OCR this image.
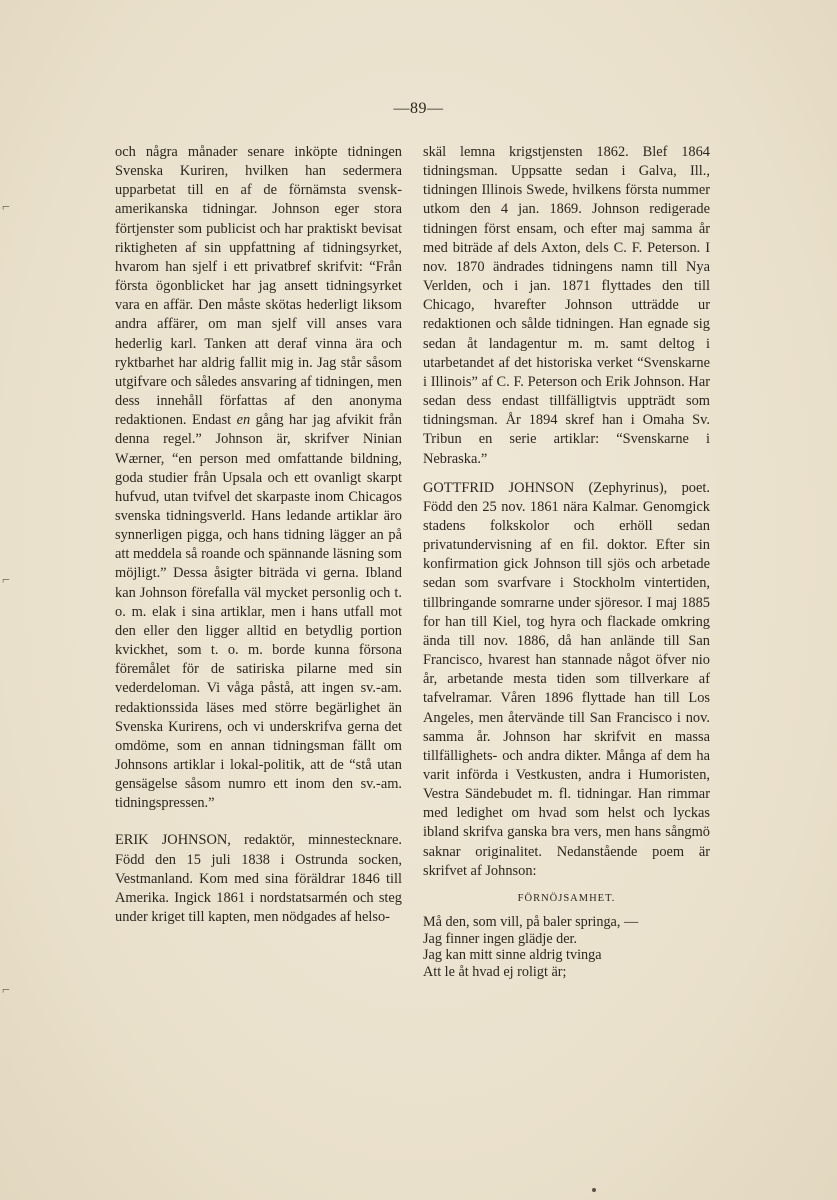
—89—

och några månader senare inköpte tidningen Svenska Kuriren, hvilken han sedermera upparbetat till en af de förnämsta svensk-amerikanska tidningar. Johnson eger stora förtjenster som publicist och har praktiskt bevisat riktigheten af sin uppfattning af tidningsyrket, hvarom han sjelf i ett privatbref skrifvit: “Från första ögonblicket har jag ansett tidningsyrket vara en affär. Den måste skötas hederligt liksom andra affärer, om man sjelf vill anses vara hederlig karl. Tanken att deraf vinna ära och ryktbarhet har aldrig fallit mig in. Jag står såsom utgifvare och således ansvaring af tidningen, men dess innehåll författas af den anonyma redaktionen. Endast en gång har jag afvikit från denna regel.” Johnson är, skrifver Ninian Wærner, “en person med omfattande bildning, goda studier från Upsala och ett ovanligt skarpt hufvud, utan tvifvel det skarpaste inom Chicagos svenska tidningsverld. Hans ledande artiklar äro synnerligen pigga, och hans tidning lägger an på att meddela så roande och spännande läsning som möjligt.” Dessa åsigter biträda vi gerna. Ibland kan Johnson förefalla väl mycket personlig och t. o. m. elak i sina artiklar, men i hans utfall mot den eller den ligger alltid en betydlig portion kvickhet, som t. o. m. borde kunna försona föremålet för de satiriska pilarne med sin vederdeloman. Vi våga påstå, att ingen sv.-am. redaktionssida läses med större begärlighet än Svenska Kurirens, och vi underskrifva gerna det omdöme, som en annan tidningsman fällt om Johnsons artiklar i lokal-politik, att de “stå utan gensägelse såsom numro ett inom den sv.-am. tidningspressen.”

ERIK JOHNSON, redaktör, minnestecknare. Född den 15 juli 1838 i Ostrunda socken, Vestmanland. Kom med sina föräldrar 1846 till Amerika. Ingick 1861 i nordstatsarmén och steg under kriget till kapten, men nödgades af helso-

skäl lemna krigstjensten 1862. Blef 1864 tidningsman. Uppsatte sedan i Galva, Ill., tidningen Illinois Swede, hvilkens första nummer utkom den 4 jan. 1869. Johnson redigerade tidningen först ensam, och efter maj samma år med biträde af dels Axton, dels C. F. Peterson. I nov. 1870 ändrades tidningens namn till Nya Verlden, och i jan. 1871 flyttades den till Chicago, hvarefter Johnson utträdde ur redaktionen och sålde tidningen. Han egnade sig sedan åt landagentur m. m. samt deltog i utarbetandet af det historiska verket “Svenskarne i Illinois” af C. F. Peterson och Erik Johnson. Har sedan dess endast tillfälligtvis uppträdt som tidningsman. År 1894 skref han i Omaha Sv. Tribun en serie artiklar: “Svenskarne i Nebraska.”

GOTTFRID JOHNSON (Zephyrinus), poet. Född den 25 nov. 1861 nära Kalmar. Genomgick stadens folkskolor och erhöll sedan privatundervisning af en fil. doktor. Efter sin konfirmation gick Johnson till sjös och arbetade sedan som svarfvare i Stockholm vintertiden, tillbringande somrarne under sjöresor. I maj 1885 for han till Kiel, tog hyra och flackade omkring ända till nov. 1886, då han anlände till San Francisco, hvarest han stannade något öfver nio år, arbetande mesta tiden som tillverkare af tafvelramar. Våren 1896 flyttade han till Los Angeles, men återvände till San Francisco i nov. samma år. Johnson har skrifvit en massa tillfällighets- och andra dikter. Många af dem ha varit införda i Vestkusten, andra i Humoristen, Vestra Sändebudet m. fl. tidningar. Han rimmar med ledighet om hvad som helst och lyckas ibland skrifva ganska bra vers, men hans sångmö saknar originalitet. Nedanstående poem är skrifvet af Johnson:

FÖRNÖJSAMHET.
Må den, som vill, på baler springa, —
Jag finner ingen glädje der.
Jag kan mitt sinne aldrig tvinga
Att le åt hvad ej roligt är;
⌐
⌐
⌐
